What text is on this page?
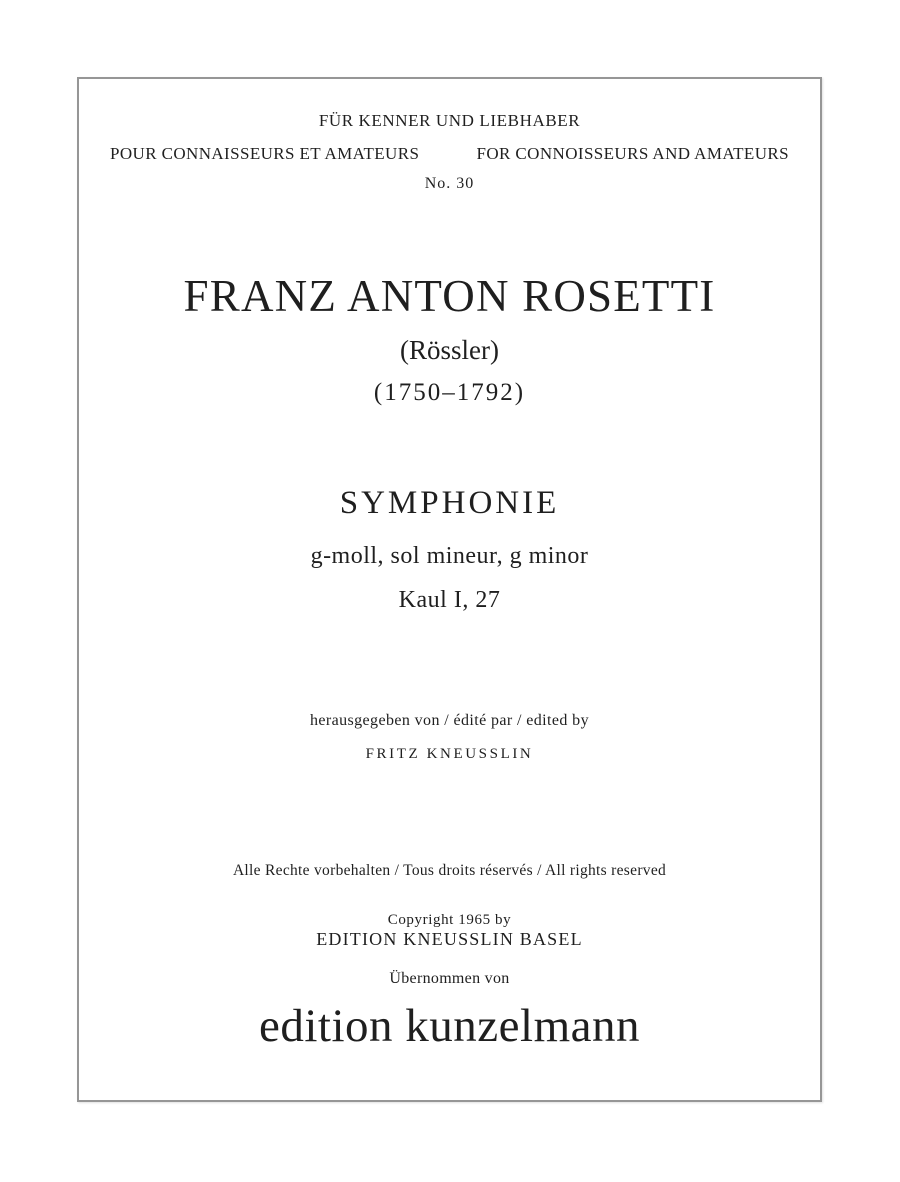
FÜR KENNER UND LIEBHABER
POUR CONNAISSEURS ET AMATEURS	FOR CONNOISSEURS AND AMATEURS
No. 30
FRANZ ANTON ROSETTI
(Rössler)
(1750–1792)
SYMPHONIE
g-moll, sol mineur, g minor
Kaul I, 27
herausgegeben von / édité par / edited by
FRITZ KNEUSSLIN
Alle Rechte vorbehalten / Tous droits réservés / All rights reserved
Copyright 1965 by
EDITION KNEUSSLIN BASEL
Übernommen von
edition kunzelmann
